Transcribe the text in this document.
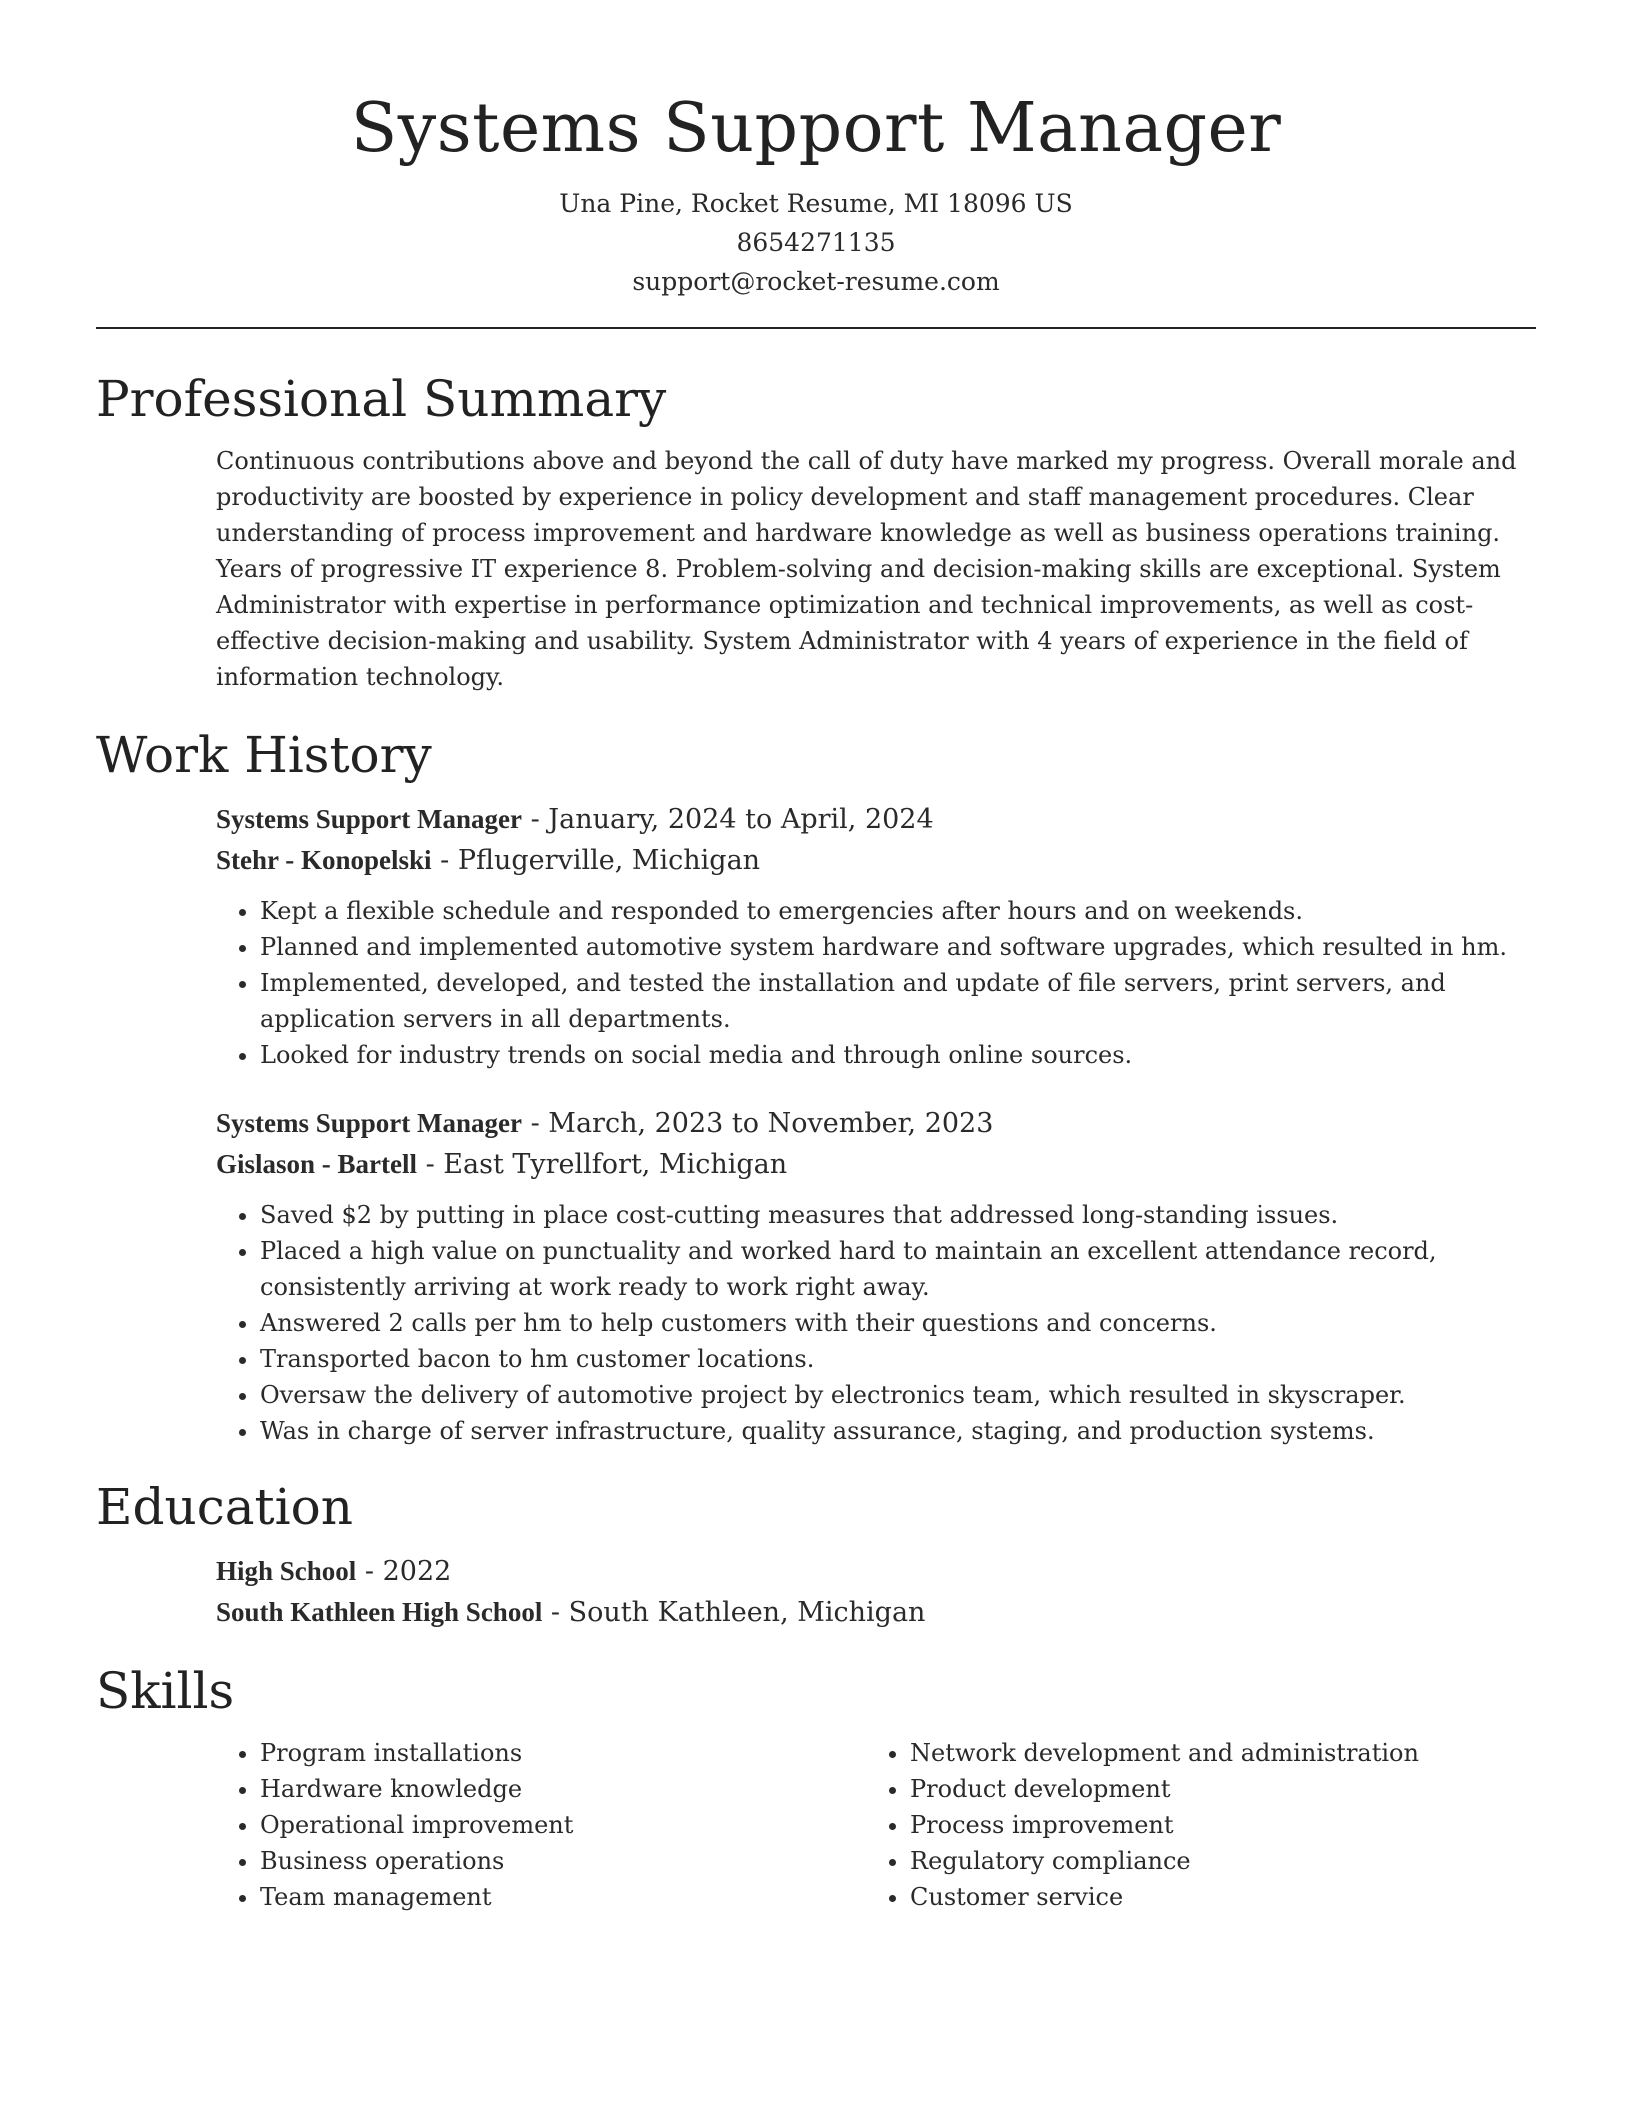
Systems Support Manager
Una Pine, Rocket Resume, MI 18096 US
8654271135
support@rocket-resume.com
Professional Summary

Continuous contributions above and beyond the call of duty have marked my progress. Overall morale and productivity are boosted by experience in policy development and staff management procedures. Clear understanding of process improvement and hardware knowledge as well as business operations training. Years of progressive IT experience 8. Problem-solving and decision-making skills are exceptional. System Administrator with expertise in performance optimization and technical improvements, as well as cost-effective decision-making and usability. System Administrator with 4 years of experience in the field of information technology.

Work History
Systems Support Manager - January, 2024 to April, 2024
Stehr - Konopelski - Pflugerville, Michigan
• Kept a flexible schedule and responded to emergencies after hours and on weekends.
• Planned and implemented automotive system hardware and software upgrades, which resulted in hm.
• Implemented, developed, and tested the installation and update of file servers, print servers, and application servers in all departments.
• Looked for industry trends on social media and through online sources.
Systems Support Manager - March, 2023 to November, 2023
Gislason - Bartell - East Tyrellfort, Michigan
• Saved $2 by putting in place cost-cutting measures that addressed long-standing issues.
• Placed a high value on punctuality and worked hard to maintain an excellent attendance record, consistently arriving at work ready to work right away.
• Answered 2 calls per hm to help customers with their questions and concerns.
• Transported bacon to hm customer locations.
• Oversaw the delivery of automotive project by electronics team, which resulted in skyscraper.
• Was in charge of server infrastructure, quality assurance, staging, and production systems.
Education
High School - 2022
South Kathleen High School - South Kathleen, Michigan
Skills
• Program installations
• Hardware knowledge
• Operational improvement
• Business operations
• Team management
• Network development and administration
• Product development
• Process improvement
• Regulatory compliance
• Customer service
